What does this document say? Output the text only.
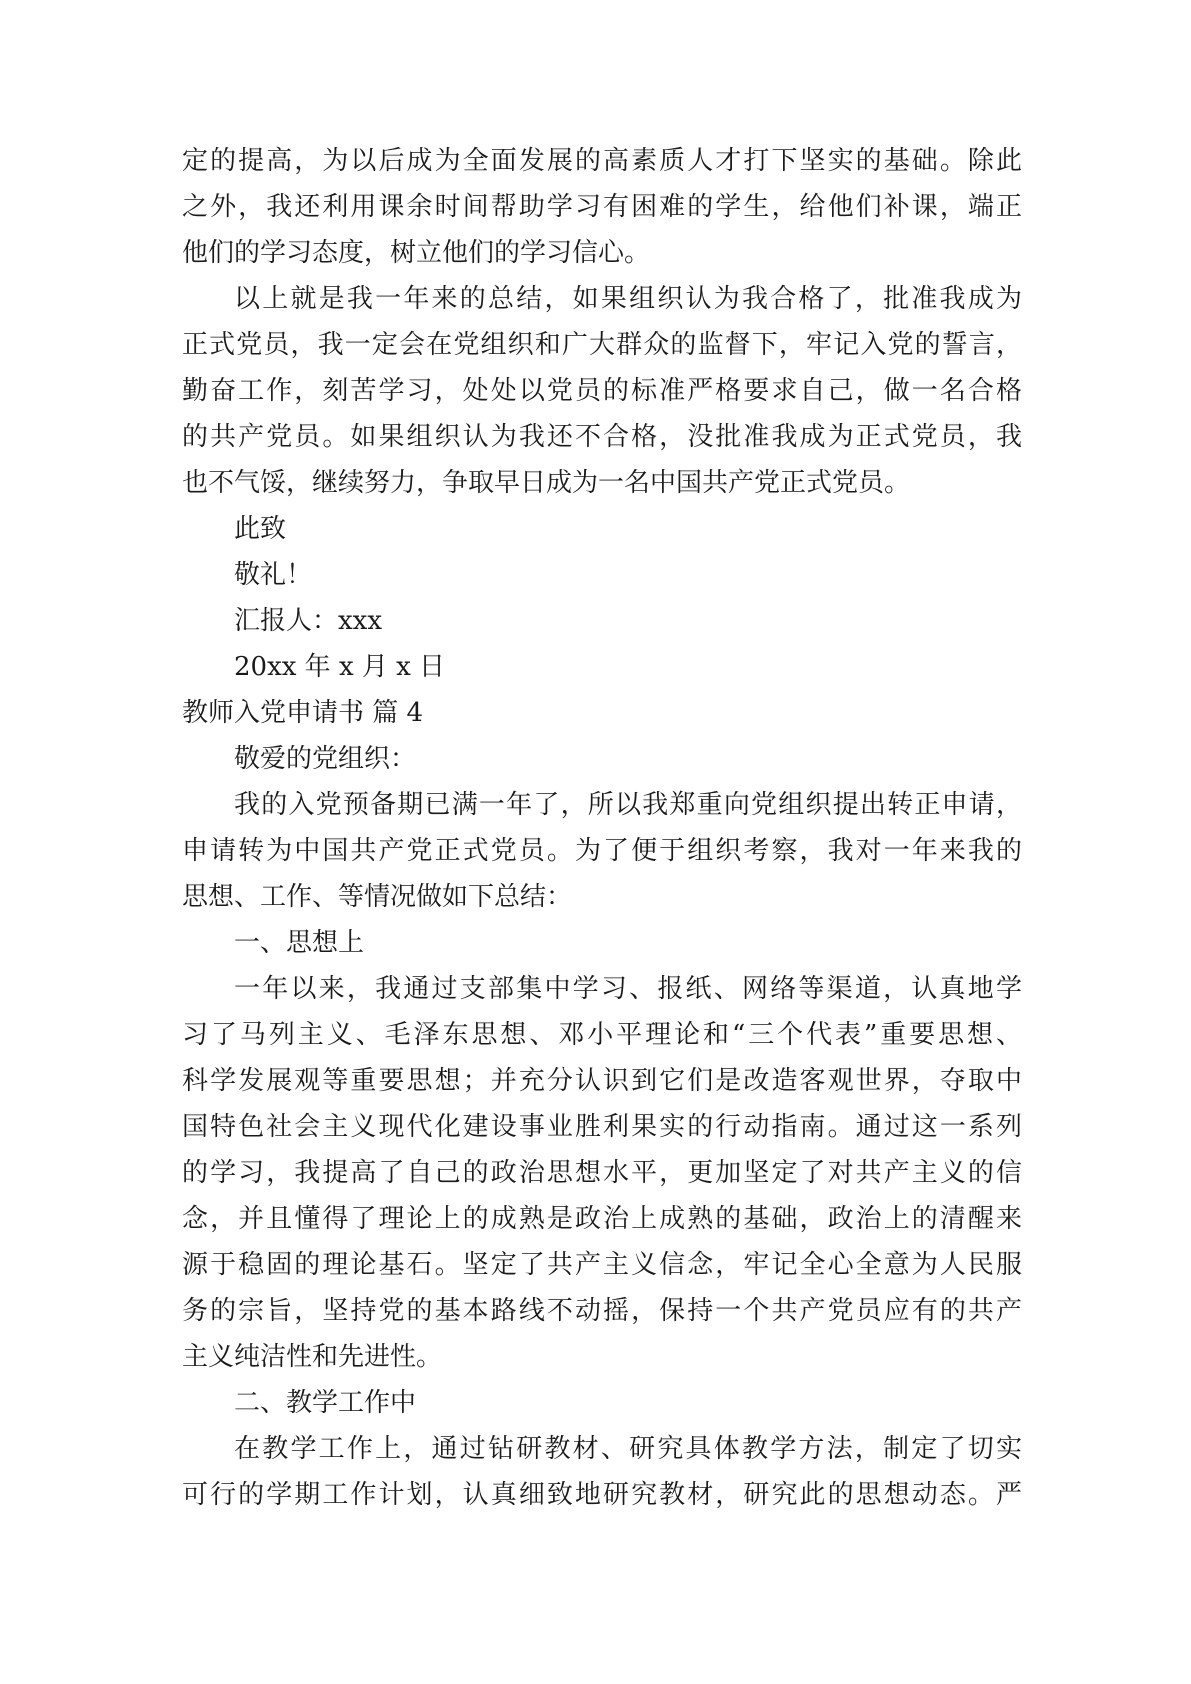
定的提高，为以后成为全面发展的高素质人才打下坚实的基础。除此

之外，我还利用课余时间帮助学习有困难的学生，给他们补课，端正

他们的学习态度，树立他们的学习信心。

以上就是我一年来的总结，如果组织认为我合格了，批准我成为

正式党员，我一定会在党组织和广大群众的监督下，牢记入党的誓言，

勤奋工作，刻苦学习，处处以党员的标准严格要求自己，做一名合格

的共产党员。如果组织认为我还不合格，没批准我成为正式党员，我

也不气馁，继续努力，争取早日成为一名中国共产党正式党员。

此致

敬礼！

汇报人：xxx

20xx 年 x 月 x 日

教师入党申请书 篇 4

敬爱的党组织：

我的入党预备期已满一年了，所以我郑重向党组织提出转正申请，

申请转为中国共产党正式党员。为了便于组织考察，我对一年来我的

思想、工作、等情况做如下总结：

一、思想上

一年以来，我通过支部集中学习、报纸、网络等渠道，认真地学

习了马列主义、毛泽东思想、邓小平理论和“三个代表”重要思想、

科学发展观等重要思想；并充分认识到它们是改造客观世界，夺取中

国特色社会主义现代化建设事业胜利果实的行动指南。通过这一系列

的学习，我提高了自己的政治思想水平，更加坚定了对共产主义的信

念，并且懂得了理论上的成熟是政治上成熟的基础，政治上的清醒来

源于稳固的理论基石。坚定了共产主义信念，牢记全心全意为人民服

务的宗旨，坚持党的基本路线不动摇，保持一个共产党员应有的共产

主义纯洁性和先进性。

二、教学工作中

在教学工作上，通过钻研教材、研究具体教学方法，制定了切实

可行的学期工作计划，认真细致地研究教材，研究此的思想动态。严
